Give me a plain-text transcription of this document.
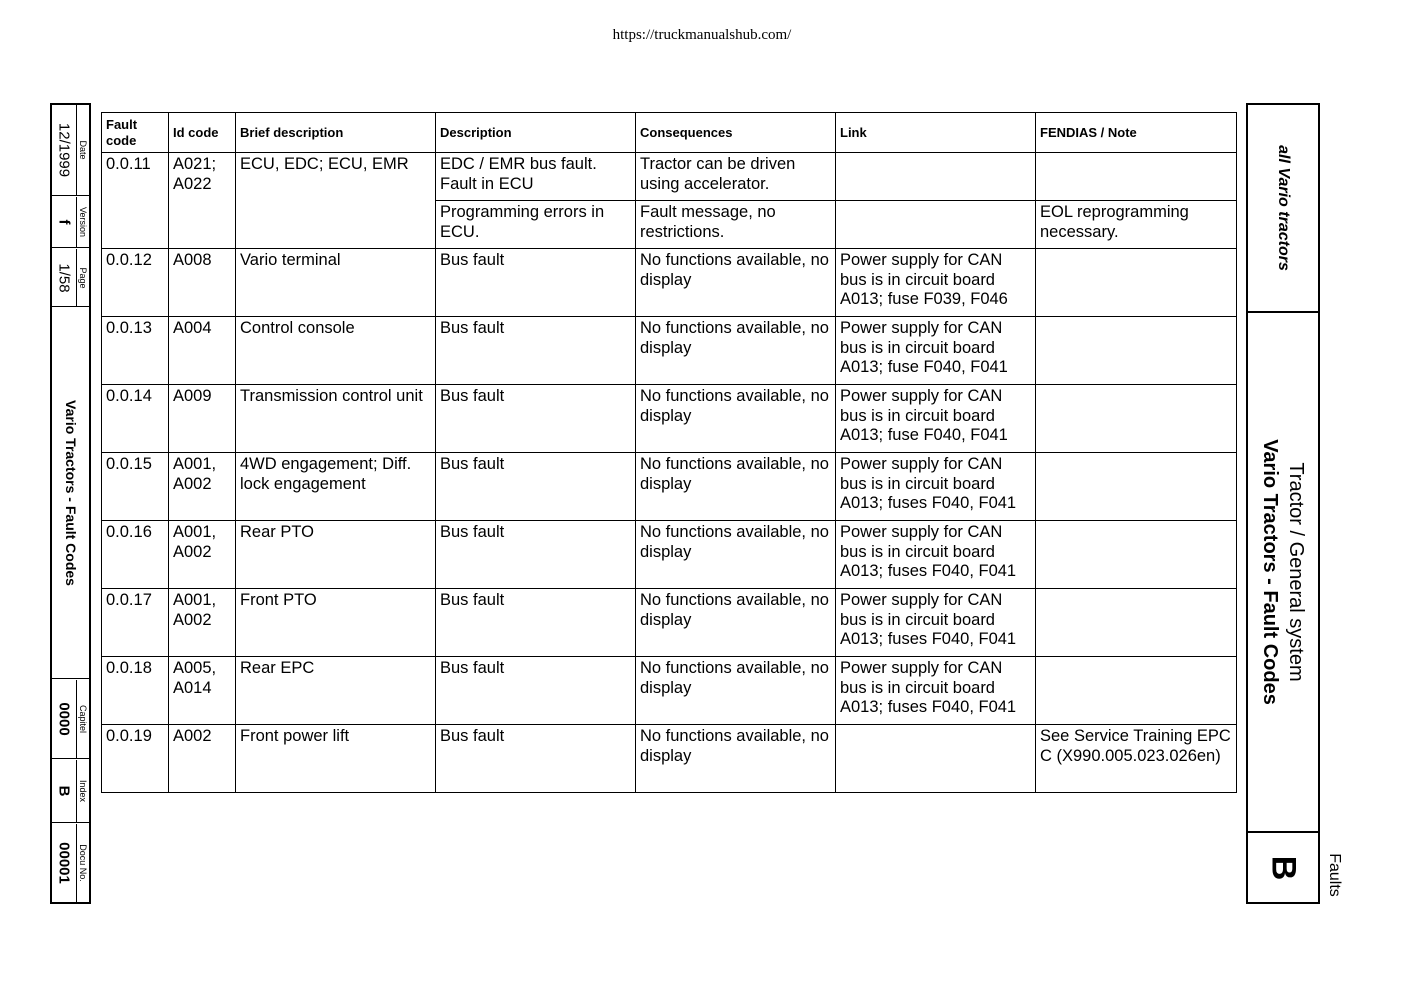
https://truckmanualshub.com/
12/1999 Date
f Version
1/58 Page
Vario Tractors - Fault Codes
0000 Capitel
B Index
00001 Docu No.
Fault code	Id code	Brief description	Description	Consequences	Link	FENDIAS / Note
0.0.11	A021; A022	ECU, EDC; ECU, EMR	EDC / EMR bus fault. Fault in ECU	Tractor can be driven using accelerator.		
			Programming errors in ECU.	Fault message, no restrictions.		EOL reprogramming necessary.
0.0.12	A008	Vario terminal	Bus fault	No functions available, no display	Power supply for CAN bus is in circuit board A013; fuse F039, F046	
0.0.13	A004	Control console	Bus fault	No functions available, no display	Power supply for CAN bus is in circuit board A013; fuse F040, F041	
0.0.14	A009	Transmission control unit	Bus fault	No functions available, no display	Power supply for CAN bus is in circuit board A013; fuse F040, F041	
0.0.15	A001, A002	4WD engagement; Diff. lock engagement	Bus fault	No functions available, no display	Power supply for CAN bus is in circuit board A013; fuses F040, F041	
0.0.16	A001, A002	Rear PTO	Bus fault	No functions available, no display	Power supply for CAN bus is in circuit board A013; fuses F040, F041	
0.0.17	A001, A002	Front PTO	Bus fault	No functions available, no display	Power supply for CAN bus is in circuit board A013; fuses F040, F041	
0.0.18	A005, A014	Rear EPC	Bus fault	No functions available, no display	Power supply for CAN bus is in circuit board A013; fuses F040, F041	
0.0.19	A002	Front power lift	Bus fault	No functions available, no display		See Service Training EPC C (X990.005.023.026en)
all Vario tractors
Tractor / General system
Vario Tractors - Fault Codes
B Faults
